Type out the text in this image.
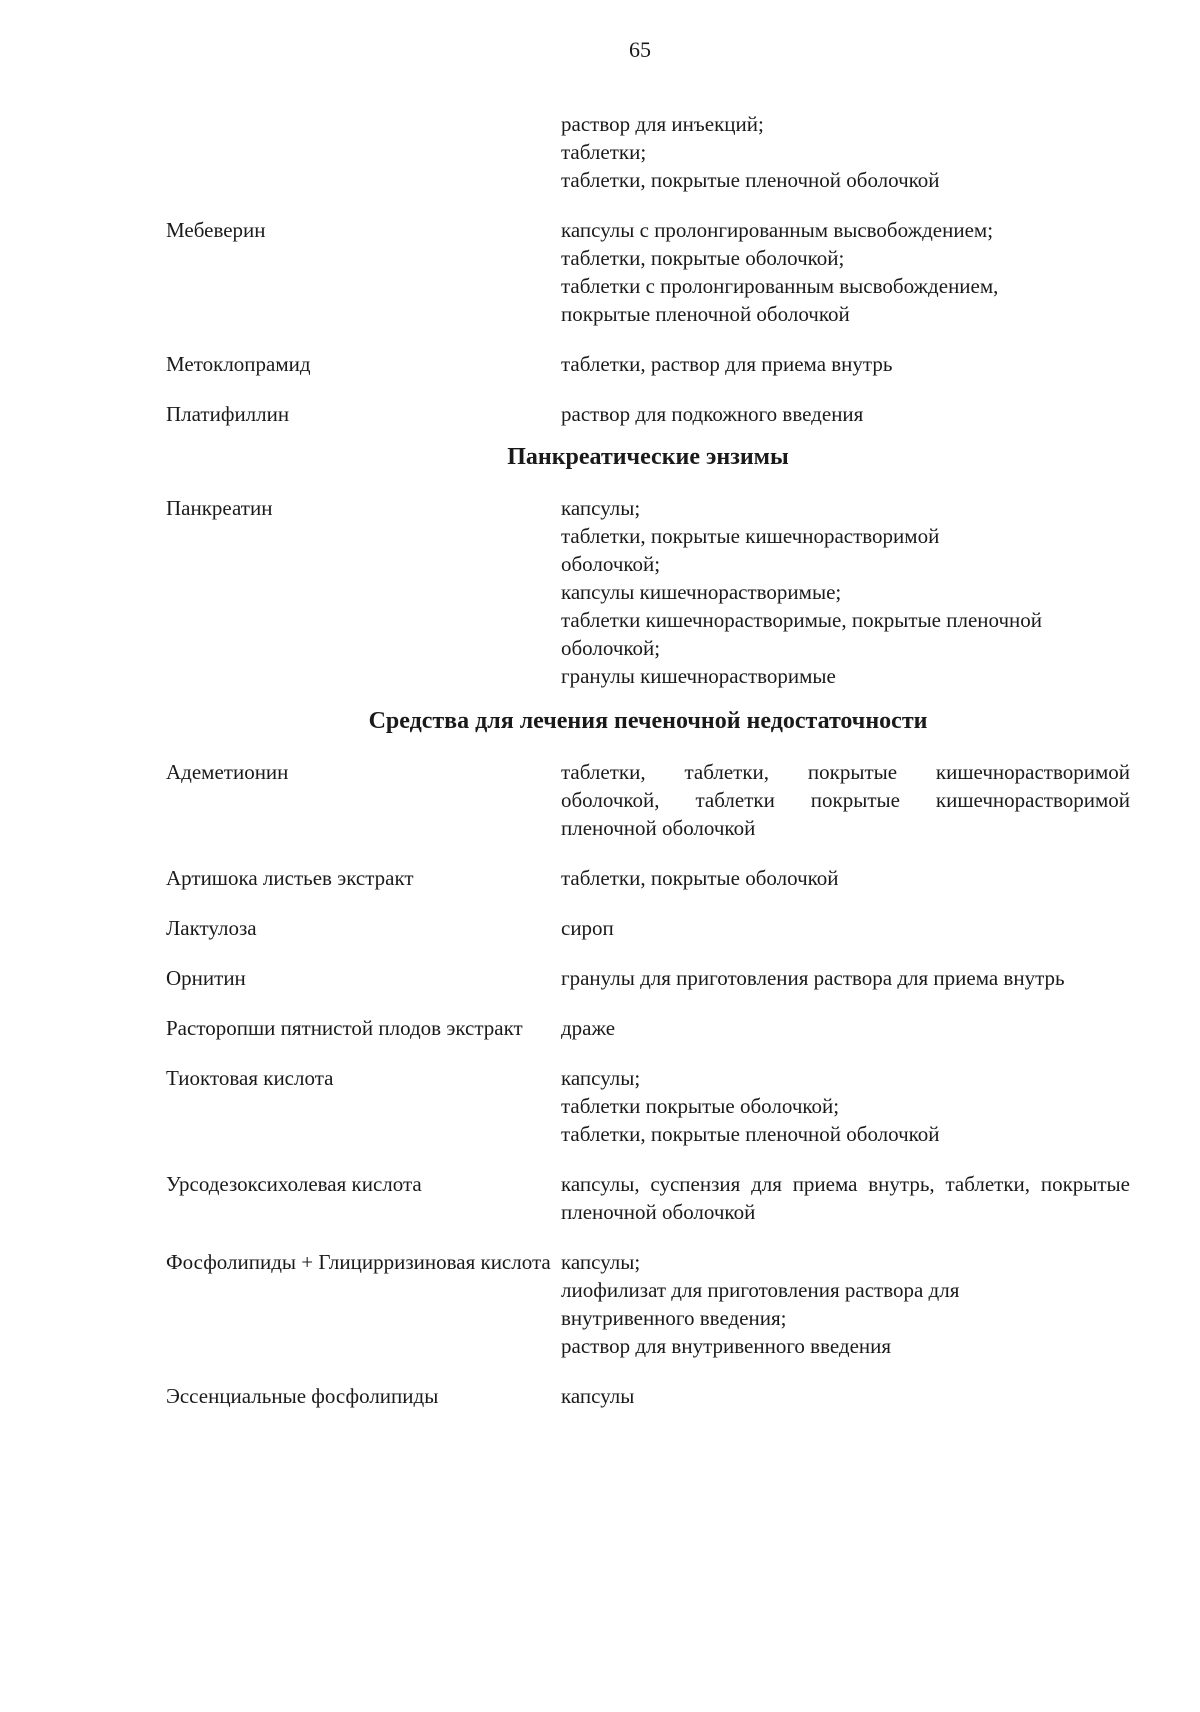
65
раствор для инъекций;
таблетки;
таблетки, покрытые пленочной оболочкой
Мебеверин	капсулы с пролонгированным высвобождением;
таблетки, покрытые оболочкой;
таблетки с пролонгированным высвобождением,
покрытые пленочной оболочкой
Метоклопрамид	таблетки, раствор для приема внутрь
Платифиллин	раствор для подкожного введения
Панкреатические энзимы
Панкреатин	капсулы;
таблетки, покрытые кишечнорастворимой
оболочкой;
капсулы кишечнорастворимые;
таблетки кишечнорастворимые, покрытые пленочной
оболочкой;
гранулы кишечнорастворимые
Средства для лечения печеночной недостаточности
Адеметионин	таблетки, таблетки, покрытые кишечнорастворимой оболочкой, таблетки покрытые кишечнорастворимой пленочной оболочкой
Артишока листьев экстракт	таблетки, покрытые оболочкой
Лактулоза	сироп
Орнитин	гранулы для приготовления раствора для приема внутрь
Расторопши пятнистой плодов экстракт	драже
Тиоктовая кислота	капсулы;
таблетки покрытые оболочкой;
таблетки, покрытые пленочной оболочкой
Урсодезоксихолевая кислота	капсулы, суспензия для приема внутрь, таблетки, покрытые пленочной оболочкой
Фосфолипиды + Глицирризиновая кислота капсулы;
лиофилизат для приготовления раствора для
внутривенного введения;
раствор для внутривенного введения
Эссенциальные фосфолипиды	капсулы
